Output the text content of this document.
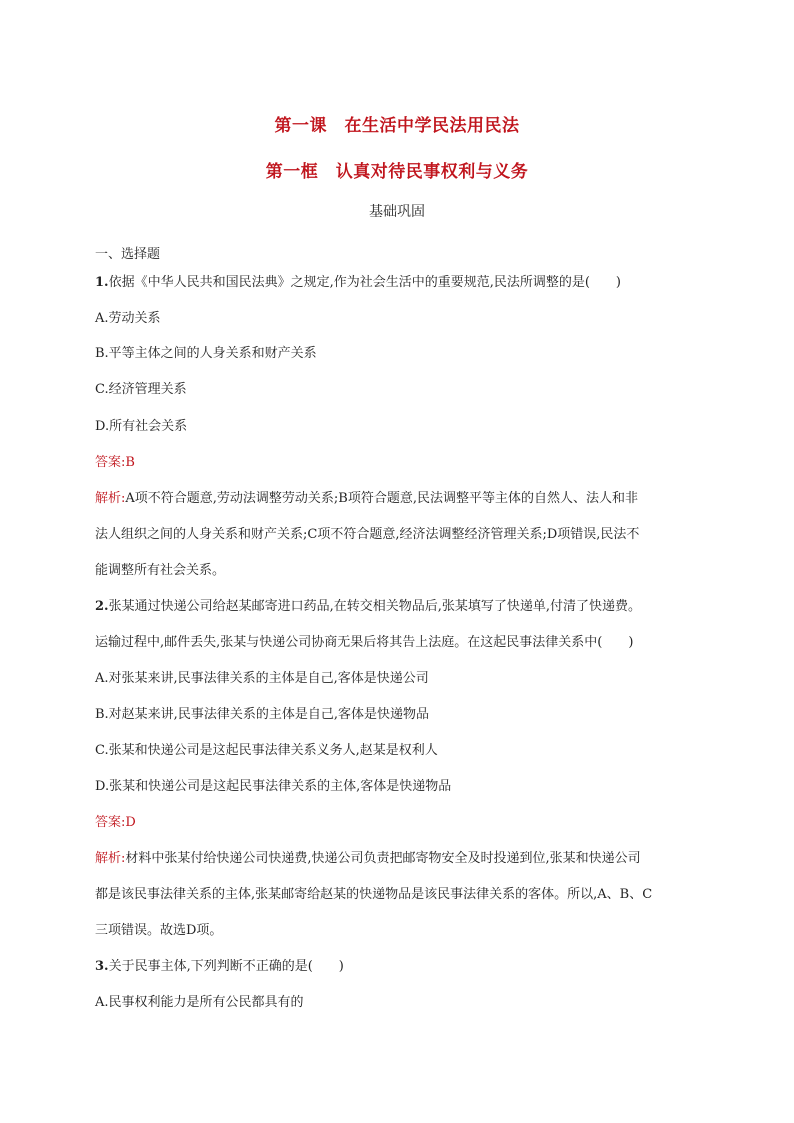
第一课　在生活中学民法用民法
第一框　认真对待民事权利与义务
基础巩固
一、选择题
1.依据《中华人民共和国民法典》之规定,作为社会生活中的重要规范,民法所调整的是(　　)
A.劳动关系
B.平等主体之间的人身关系和财产关系
C.经济管理关系
D.所有社会关系
答案:B
解析:A项不符合题意,劳动法调整劳动关系;B项符合题意,民法调整平等主体的自然人、法人和非
法人组织之间的人身关系和财产关系;C项不符合题意,经济法调整经济管理关系;D项错误,民法不
能调整所有社会关系。
2.张某通过快递公司给赵某邮寄进口药品,在转交相关物品后,张某填写了快递单,付清了快递费。
运输过程中,邮件丢失,张某与快递公司协商无果后将其告上法庭。在这起民事法律关系中(　　)
A.对张某来讲,民事法律关系的主体是自己,客体是快递公司
B.对赵某来讲,民事法律关系的主体是自己,客体是快递物品
C.张某和快递公司是这起民事法律关系义务人,赵某是权利人
D.张某和快递公司是这起民事法律关系的主体,客体是快递物品
答案:D
解析:材料中张某付给快递公司快递费,快递公司负责把邮寄物安全及时投递到位,张某和快递公司
都是该民事法律关系的主体,张某邮寄给赵某的快递物品是该民事法律关系的客体。所以,A、B、C
三项错误。故选D项。
3.关于民事主体,下列判断不正确的是(　　)
A.民事权利能力是所有公民都具有的
